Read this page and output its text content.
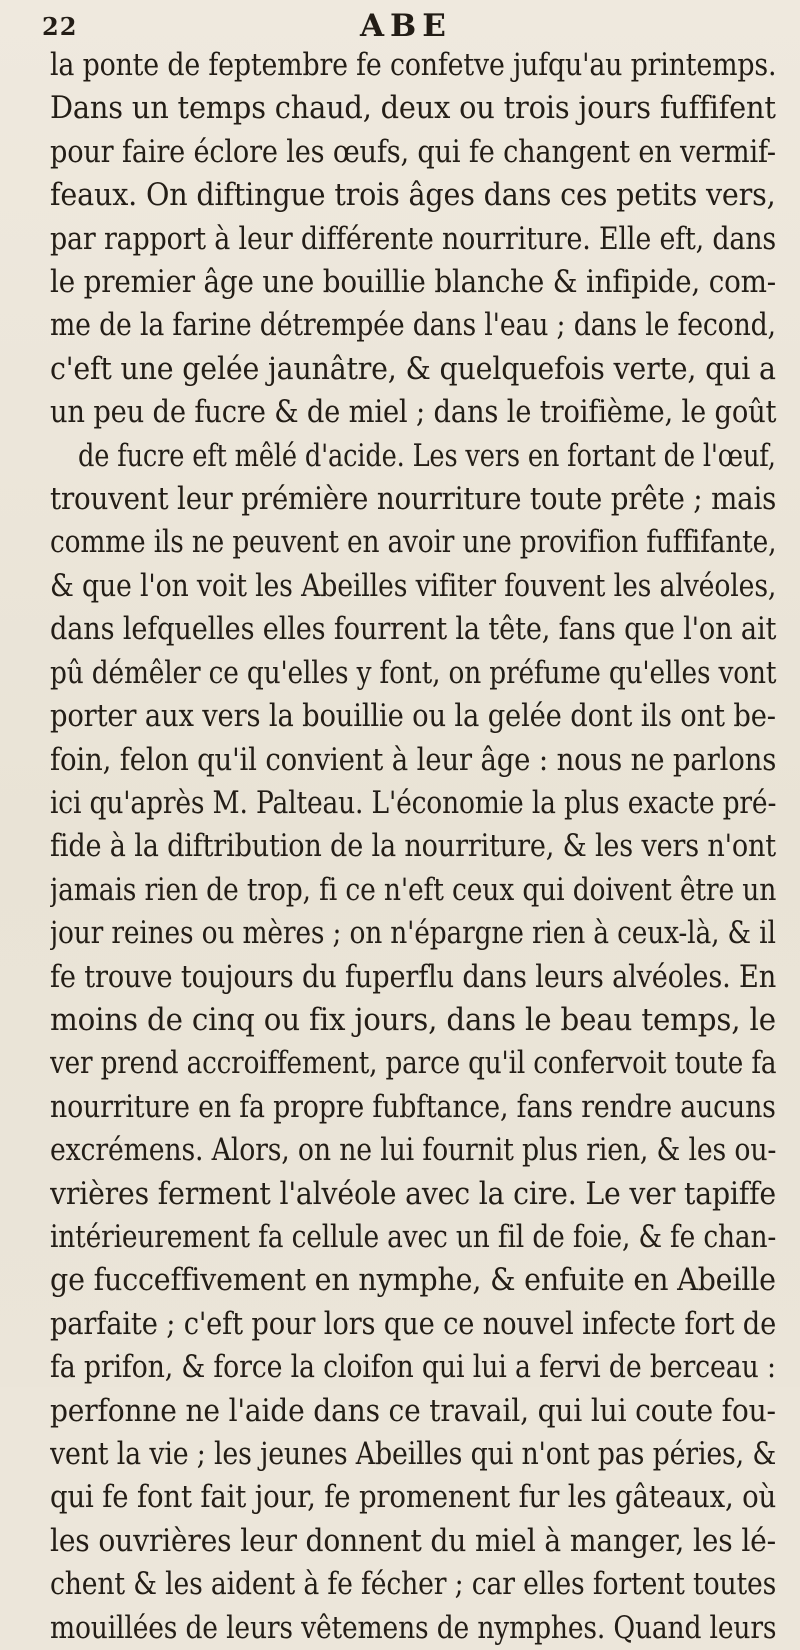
22	ABE
la ponte de feptembre fe confetve jufqu'au printemps.
Dans un temps chaud, deux ou trois jours fuffifent
pour faire éclore les œufs, qui fe changent en vermif-
feaux. On diftingue trois âges dans ces petits vers,
par rapport à leur différente nourriture. Elle eft, dans
le premier âge une bouillie blanche & infipide, com-
me de la farine détrempée dans l'eau ; dans le fecond,
c'eft une gelée jaunâtre, & quelquefois verte, qui a
un peu de fucre & de miel ; dans le troifième, le goût
de fucre eft mêlé d'acide. Les vers en fortant de l'œuf,
trouvent leur prémière nourriture toute prête ; mais
comme ils ne peuvent en avoir une provifion fuffifante,
& que l'on voit les Abeilles vifiter fouvent les alvéoles,
dans lefquelles elles fourrent la tête, fans que l'on ait
pû démêler ce qu'elles y font, on préfume qu'elles vont
porter aux vers la bouillie ou la gelée dont ils ont be-
foin, felon qu'il convient à leur âge : nous ne parlons
ici qu'après M. Palteau. L'économie la plus exacte pré-
fide à la diftribution de la nourriture, & les vers n'ont
jamais rien de trop, fi ce n'eft ceux qui doivent être un
jour reines ou mères ; on n'épargne rien à ceux-là, & il
fe trouve toujours du fuperflu dans leurs alvéoles. En
moins de cinq ou fix jours, dans le beau temps, le
ver prend accroiffement, parce qu'il confervoit toute fa
nourriture en fa propre fubftance, fans rendre aucuns
excrémens. Alors, on ne lui fournit plus rien, & les ou-
vrières ferment l'alvéole avec la cire. Le ver tapiffe
intérieurement fa cellule avec un fil de foie, & fe chan-
ge fucceffivement en nymphe, & enfuite en Abeille
parfaite ; c'eft pour lors que ce nouvel infecte fort de
fa prifon, & force la cloifon qui lui a fervi de berceau :
perfonne ne l'aide dans ce travail, qui lui coute fou-
vent la vie ; les jeunes Abeilles qui n'ont pas péries, &
qui fe font fait jour, fe promenent fur les gâteaux, où
les ouvrières leur donnent du miel à manger, les lé-
chent & les aident à fe fécher ; car elles fortent toutes
mouillées de leurs vêtemens de nymphes. Quand leurs
